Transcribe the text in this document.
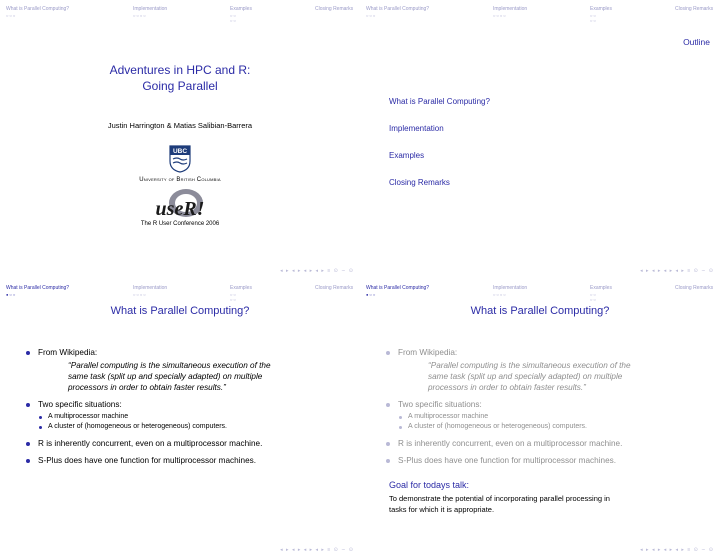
What is Parallel Computing?
○○○
Implementation
○○○○
Examples
○○
○○
Closing Remarks
Adventures in HPC and R:
Going Parallel
Justin Harrington & Matias Salibian-Barrera
UBC
University of British Columbia
useR!
The R User Conference 2006
◂ ▸ ◂ ▸ ◂ ▸ ◂ ▸ ≡ ⊙ ∽ ⊙
What is Parallel Computing?
○○○
Implementation
○○○○
Examples
○○
○○
Closing Remarks
Outline
What is Parallel Computing?
Implementation
Examples
Closing Remarks
◂ ▸ ◂ ▸ ◂ ▸ ◂ ▸ ≡ ⊙ ∽ ⊙
What is Parallel Computing?
●○○
Implementation
○○○○
Examples
○○
○○
Closing Remarks
What is Parallel Computing?
From Wikipedia:
“Parallel computing is the simultaneous execution of the
same task (split up and specially adapted) on multiple
processors in order to obtain faster results.”
Two specific situations:
A multiprocessor machine
A cluster of (homogeneous or heterogeneous) computers.
R is inherently concurrent, even on a multiprocessor machine.
S-Plus does have one function for multiprocessor machines.
◂ ▸ ◂ ▸ ◂ ▸ ◂ ▸ ≡ ⊙ ∽ ⊙
What is Parallel Computing?
●○○
Implementation
○○○○
Examples
○○
○○
Closing Remarks
What is Parallel Computing?
From Wikipedia:
“Parallel computing is the simultaneous execution of the
same task (split up and specially adapted) on multiple
processors in order to obtain faster results.”
Two specific situations:
A multiprocessor machine
A cluster of (homogeneous or heterogeneous) computers.
R is inherently concurrent, even on a multiprocessor machine.
S-Plus does have one function for multiprocessor machines.
Goal for todays talk:
To demonstrate the potential of incorporating parallel processing in
tasks for which it is appropriate.
◂ ▸ ◂ ▸ ◂ ▸ ◂ ▸ ≡ ⊙ ∽ ⊙
